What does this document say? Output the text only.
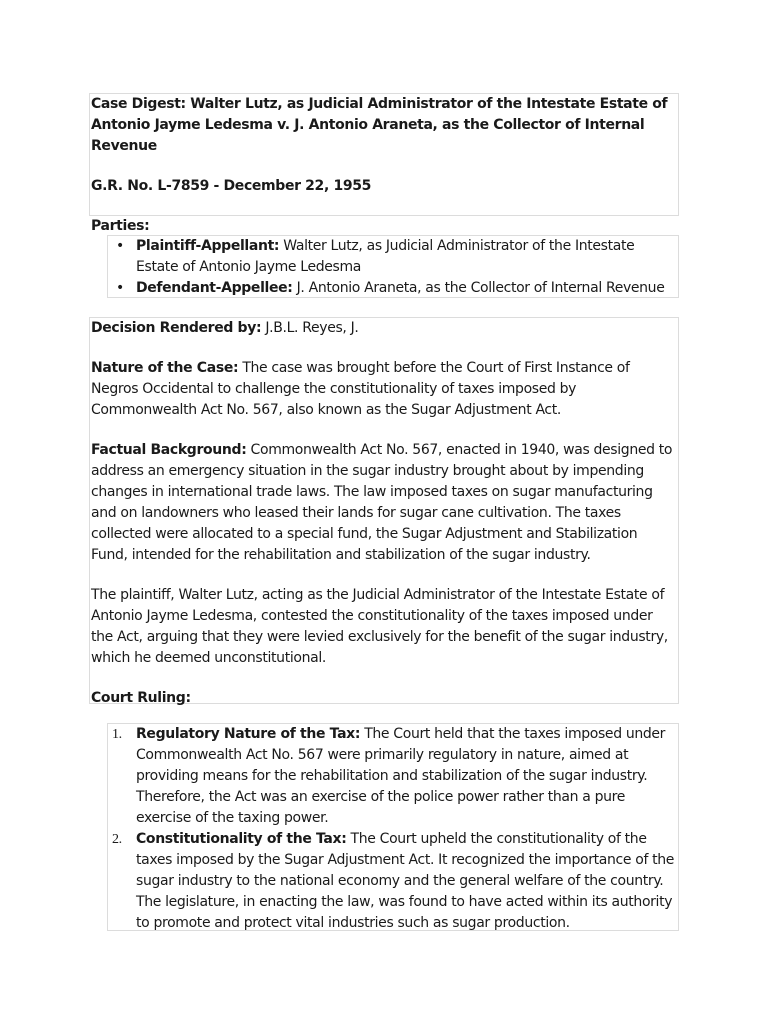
Case Digest: Walter Lutz, as Judicial Administrator of the Intestate Estate of

Antonio Jayme Ledesma v. J. Antonio Araneta, as the Collector of Internal Revenue

G.R. No. L-7859 - December 22, 1955

Parties:

• Plaintiff-Appellant: Walter Lutz, as Judicial Administrator of the Intestate Estate of Antonio Jayme Ledesma
• Defendant-Appellee: J. Antonio Araneta, as the Collector of Internal Revenue

Decision Rendered by: J.B.L. Reyes, J.

Nature of the Case: The case was brought before the Court of First Instance of Negros Occidental to challenge the constitutionality of taxes imposed by Commonwealth Act No. 567, also known as the Sugar Adjustment Act.

Factual Background: Commonwealth Act No. 567, enacted in 1940, was designed to address an emergency situation in the sugar industry brought about by impending changes in international trade laws. The law imposed taxes on sugar manufacturing and on landowners who leased their lands for sugar cane cultivation. The taxes collected were allocated to a special fund, the Sugar Adjustment and Stabilization Fund, intended for the rehabilitation and stabilization of the sugar industry.

The plaintiff, Walter Lutz, acting as the Judicial Administrator of the Intestate Estate of Antonio Jayme Ledesma, contested the constitutionality of the taxes imposed under the Act, arguing that they were levied exclusively for the benefit of the sugar industry, which he deemed unconstitutional.

Court Ruling:

1. Regulatory Nature of the Tax: The Court held that the taxes imposed under Commonwealth Act No. 567 were primarily regulatory in nature, aimed at providing means for the rehabilitation and stabilization of the sugar industry. Therefore, the Act was an exercise of the police power rather than a pure exercise of the taxing power.
2. Constitutionality of the Tax: The Court upheld the constitutionality of the taxes imposed by the Sugar Adjustment Act. It recognized the importance of the sugar industry to the national economy and the general welfare of the country. The legislature, in enacting the law, was found to have acted within its authority to promote and protect vital industries such as sugar production.
